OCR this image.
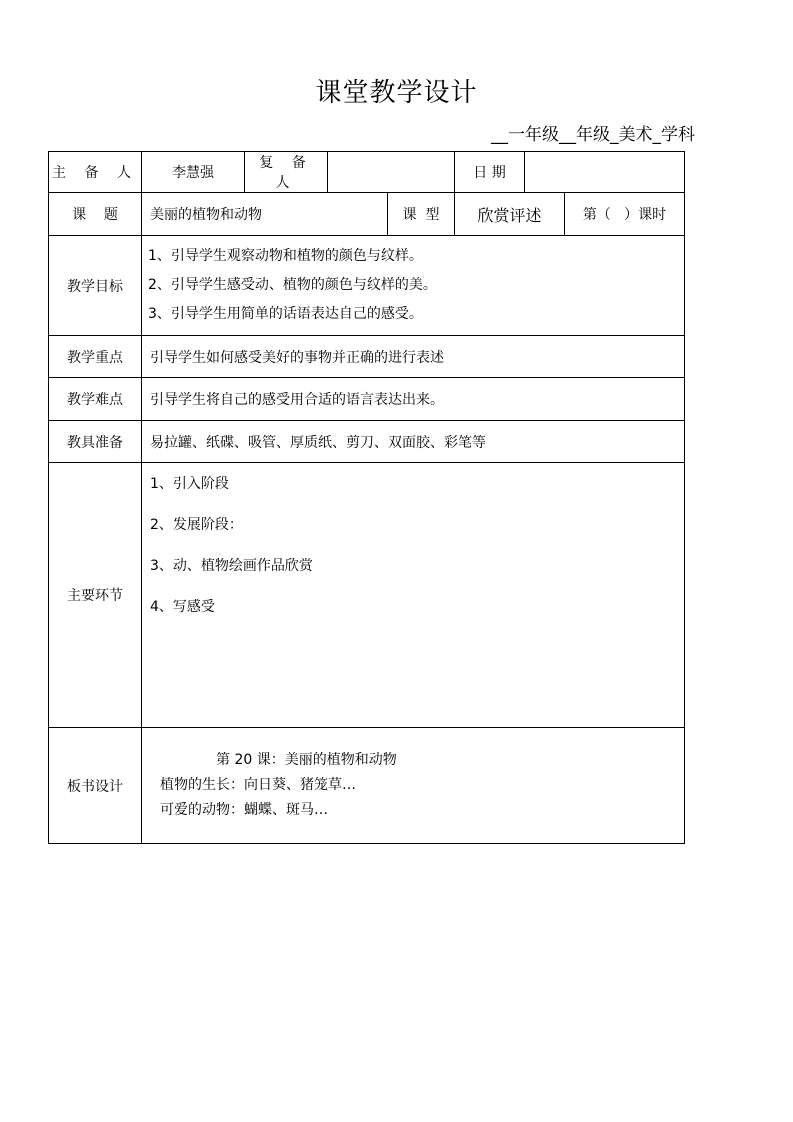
课堂教学设计
__一年级__年级_美术_学科
主 备 人	李慧强	复 备 人			日 期		
课    题	美丽的植物和动物			课  型	欣赏评述		第（   ）课时
教学目标	1、引导学生观察动物和植物的颜色与纹样。
2、引导学生感受动、植物的颜色与纹样的美。
3、引导学生用简单的话语表达自己的感受。						

教学重点	引导学生如何感受美好的事物并正确的进行表述						
教学难点	引导学生将自己的感受用合适的语言表达出来。						
教具准备	易拉罐、纸碟、吸管、厚质纸、剪刀、双面胶、彩笔等						
主要环节	1、引入阶段
2、发展阶段：
3、动、植物绘画作品欣赏
4、写感受						

板书设计	第 20 课：美丽的植物和动物
植物的生长：向日葵、猪笼草…
可爱的动物：蝴蝶、斑马…						
